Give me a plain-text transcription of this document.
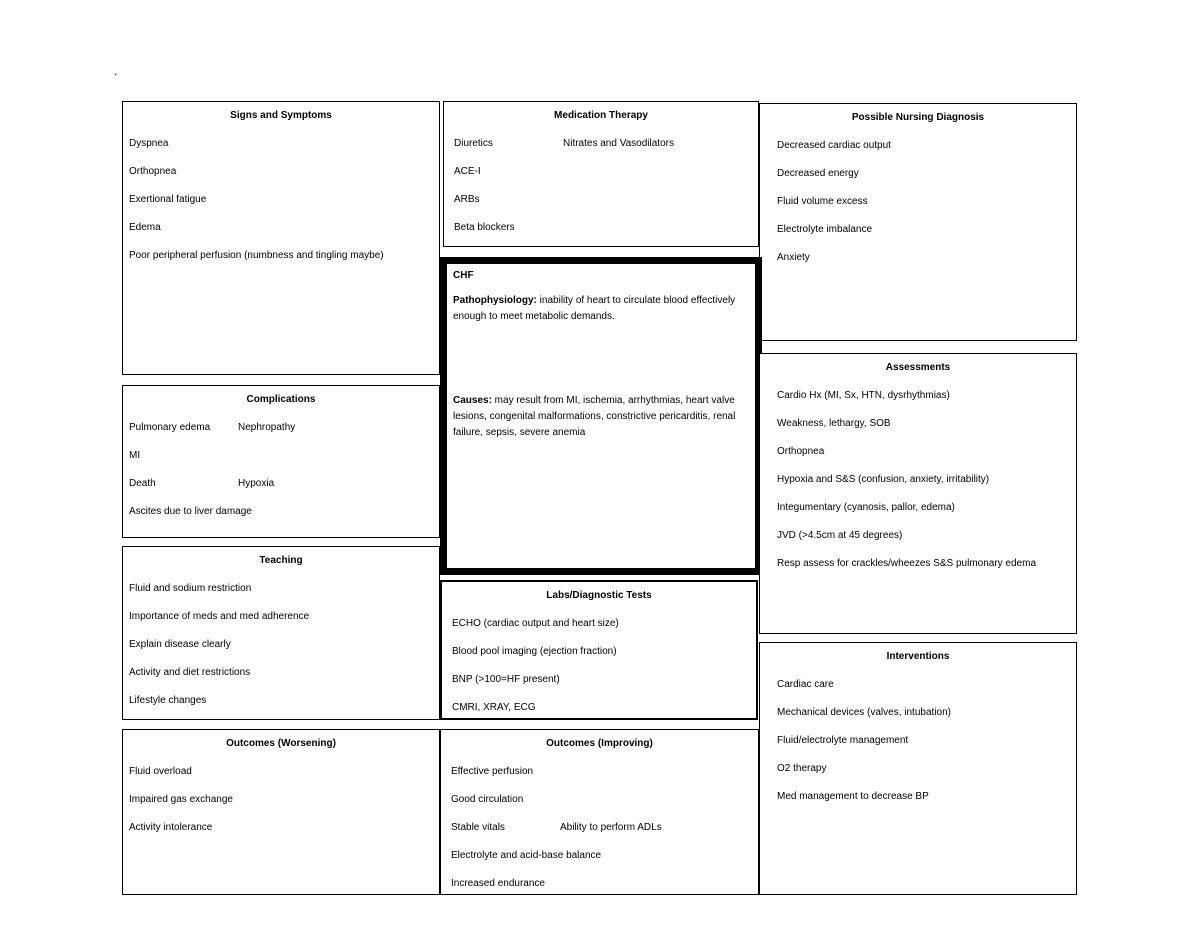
.
Signs and Symptoms
Dyspnea
Orthopnea
Exertional fatigue
Edema
Poor peripheral perfusion (numbness and tingling maybe)
Medication Therapy
Diuretics	Nitrates and Vasodilators
ACE-I
ARBs
Beta blockers
Possible Nursing Diagnosis
Decreased cardiac output
Decreased energy
Fluid volume excess
Electrolyte imbalance
Anxiety
CHF
Pathophysiology: inability of heart to circulate blood effectively enough to meet metabolic demands.
Causes: may result from MI, ischemia, arrhythmias, heart valve lesions, congenital malformations, constrictive pericarditis, renal failure, sepsis, severe anemia
Complications
Pulmonary edema	Nephropathy
MI
Death	Hypoxia
Ascites due to liver damage
Assessments
Cardio Hx (MI, Sx, HTN, dysrhythmias)
Weakness, lethargy, SOB
Orthopnea
Hypoxia and S&S (confusion, anxiety, irritability)
Integumentary (cyanosis, pallor, edema)
JVD (>4.5cm at 45 degrees)
Resp assess for crackles/wheezes S&S pulmonary edema
Teaching
Fluid and sodium restriction
Importance of meds and med adherence
Explain disease clearly
Activity and diet restrictions
Lifestyle changes
Labs/Diagnostic Tests
ECHO (cardiac output and heart size)
Blood pool imaging (ejection fraction)
BNP (>100=HF present)
CMRI, XRAY, ECG
Interventions
Cardiac care
Mechanical devices (valves, intubation)
Fluid/electrolyte management
O2 therapy
Med management to decrease BP
Outcomes (Worsening)
Fluid overload
Impaired gas exchange
Activity intolerance
Outcomes (Improving)
Effective perfusion
Good circulation
Stable vitals	Ability to perform ADLs
Electrolyte and acid-base balance
Increased endurance
